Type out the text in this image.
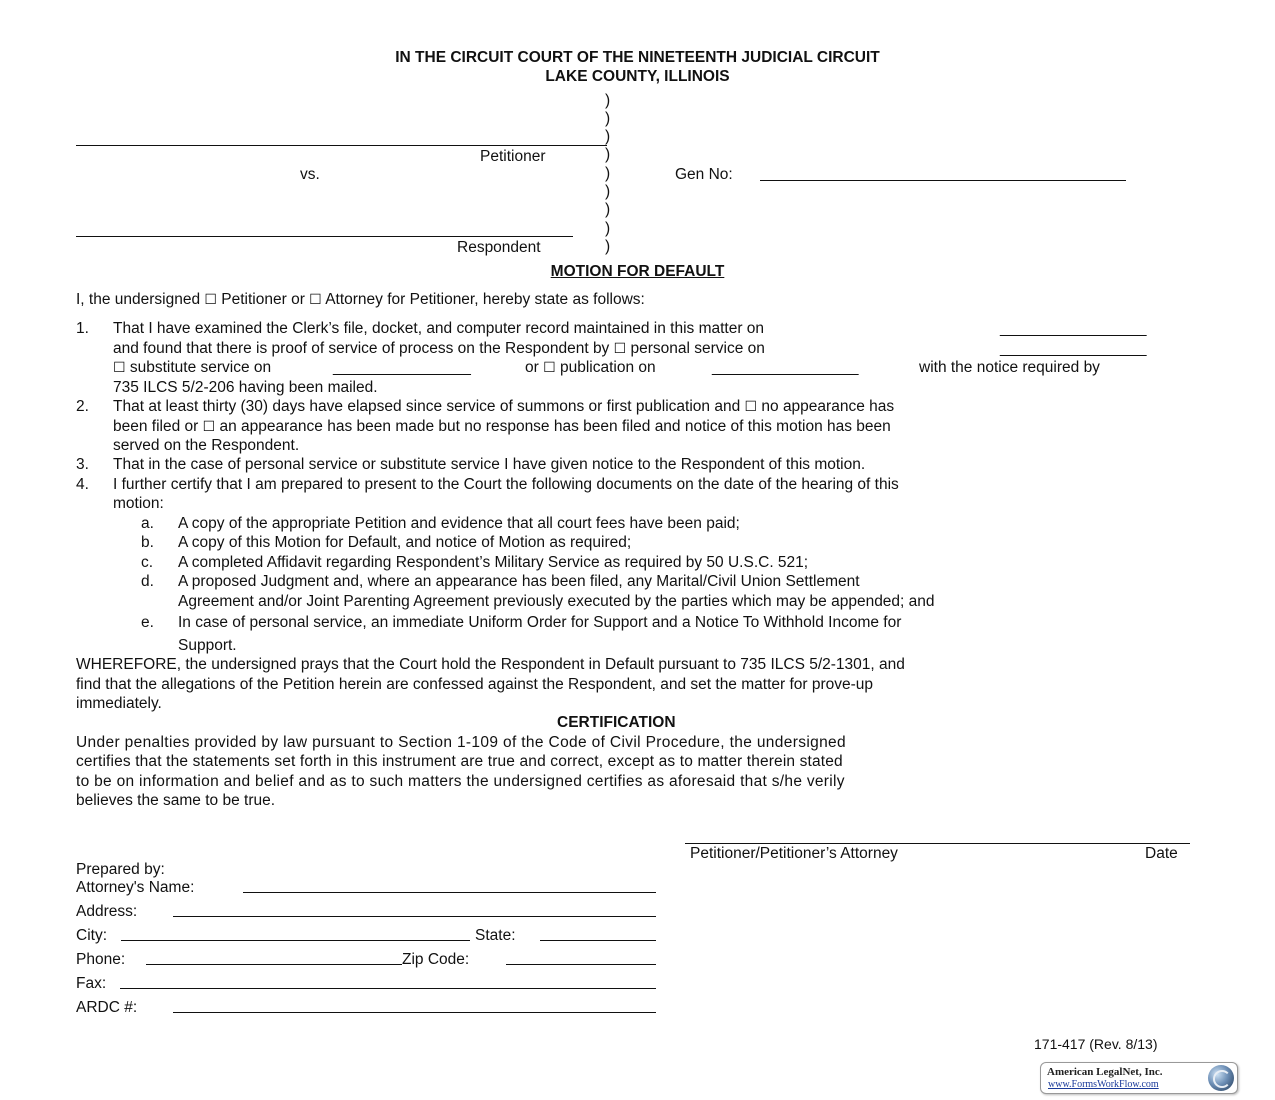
IN THE CIRCUIT COURT OF THE NINETEENTH JUDICIAL CIRCUIT
LAKE COUNTY, ILLINOIS
Petitioner
vs.
Respondent
)
)
)
)
)
)
)
)
)
Gen No:
MOTION FOR DEFAULT
I, the undersigned ☐ Petitioner or ☐ Attorney for Petitioner, hereby state as follows:
1. That I have examined the Clerk’s file, docket, and computer record maintained in this matter on	_________________
and found that there is proof of service of process on the Respondent by ☐ personal service on	_________________
☐ substitute service on	________________	or ☐ publication on	_________________	with the notice required by
735 ILCS 5/2-206 having been mailed.
2. That at least thirty (30) days have elapsed since service of summons or first publication and ☐ no appearance has
been filed or ☐ an appearance has been made but no response has been filed and notice of this motion has been
served on the Respondent.
3. That in the case of personal service or substitute service I have given notice to the Respondent of this motion.
4. I further certify that I am prepared to present to the Court the following documents on the date of the hearing of this
motion:
a. A copy of the appropriate Petition and evidence that all court fees have been paid;
b. A copy of this Motion for Default, and notice of Motion as required;
c. A completed Affidavit regarding Respondent’s Military Service as required by 50 U.S.C. 521;
d. A proposed Judgment and, where an appearance has been filed, any Marital/Civil Union Settlement
Agreement and/or Joint Parenting Agreement previously executed by the parties which may be appended; and
e. In case of personal service, an immediate Uniform Order for Support and a Notice To Withhold Income for
Support.
WHEREFORE, the undersigned prays that the Court hold the Respondent in Default pursuant to 735 ILCS 5/2-1301, and
find that the allegations of the Petition herein are confessed against the Respondent, and set the matter for prove-up
immediately.
CERTIFICATION
Under penalties provided by law pursuant to Section 1-109 of the Code of Civil Procedure, the undersigned
certifies that the statements set forth in this instrument are true and correct, except as to matter therein stated
to be on information and belief and as to such matters the undersigned certifies as aforesaid that s/he verily
believes the same to be true.
Petitioner/Petitioner’s Attorney	Date
Prepared by:
Attorney's Name:
Address:
City:	State:
Phone:	Zip Code:
Fax:
ARDC #:
171-417 (Rev. 8/13)
American LegalNet, Inc.
www.FormsWorkFlow.com
